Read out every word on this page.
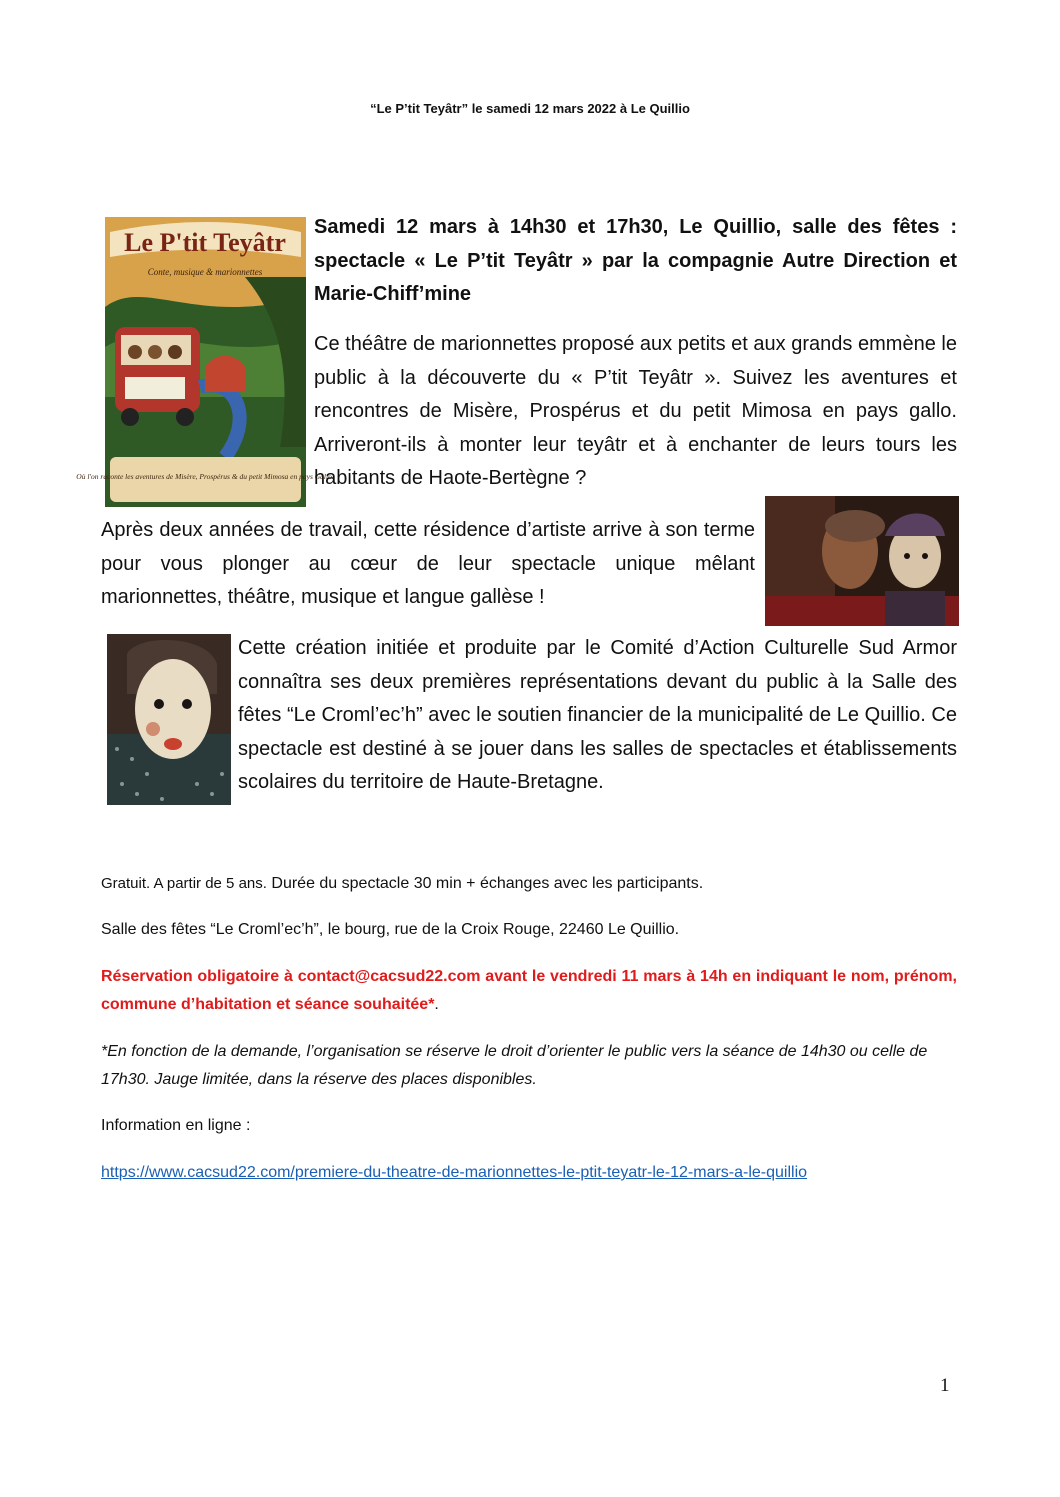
“Le P’tit Teyâtr” le samedi 12 mars 2022 à Le Quillio
Le P'tit Teyâtr
Conte, musique & marionnettes
Où l'on raconte les aventures de Misère, Prospérus & du petit Mimosa en pays Gallo.

Samedi 12 mars à 14h30 et 17h30, Le Quillio, salle des fêtes : spectacle « Le P’tit Teyâtr » par la compagnie Autre Direction et Marie-Chiff’mine

Ce théâtre de marionnettes proposé aux petits et aux grands emmène le public à la découverte du « P’tit Teyâtr ». Suivez les aventures et rencontres de Misère, Prospérus et du petit Mimosa en pays gallo. Arriveront-ils à monter leur teyâtr et à enchanter de leurs tours les habitants de Haote-Bertègne ?

Après deux années de travail, cette résidence d’artiste arrive à son terme pour vous plonger au cœur de leur spectacle unique mêlant marionnettes, théâtre, musique et langue gallèse !

Cette création initiée et produite par le Comité d’Action Culturelle Sud Armor connaîtra ses deux premières représentations devant du public à la Salle des fêtes “Le Croml’ec’h” avec le soutien financier de la municipalité de Le Quillio. Ce spectacle est destiné à se jouer dans les salles de spectacles et établissements scolaires du territoire de Haute-Bretagne.

Gratuit. A partir de 5 ans. Durée du spectacle 30 min + échanges avec les participants.

Salle des fêtes “Le Croml’ec’h”, le bourg, rue de la Croix Rouge, 22460 Le Quillio.

Réservation obligatoire à contact@cacsud22.com avant le vendredi 11 mars à 14h en indiquant le nom, prénom, commune d’habitation et séance souhaitée*.

*En fonction de la demande, l’organisation se réserve le droit d’orienter le public vers la séance de 14h30 ou celle de 17h30. Jauge limitée, dans la réserve des places disponibles.

Information en ligne :

https://www.cacsud22.com/premiere-du-theatre-de-marionnettes-le-ptit-teyatr-le-12-mars-a-le-quillio

1
